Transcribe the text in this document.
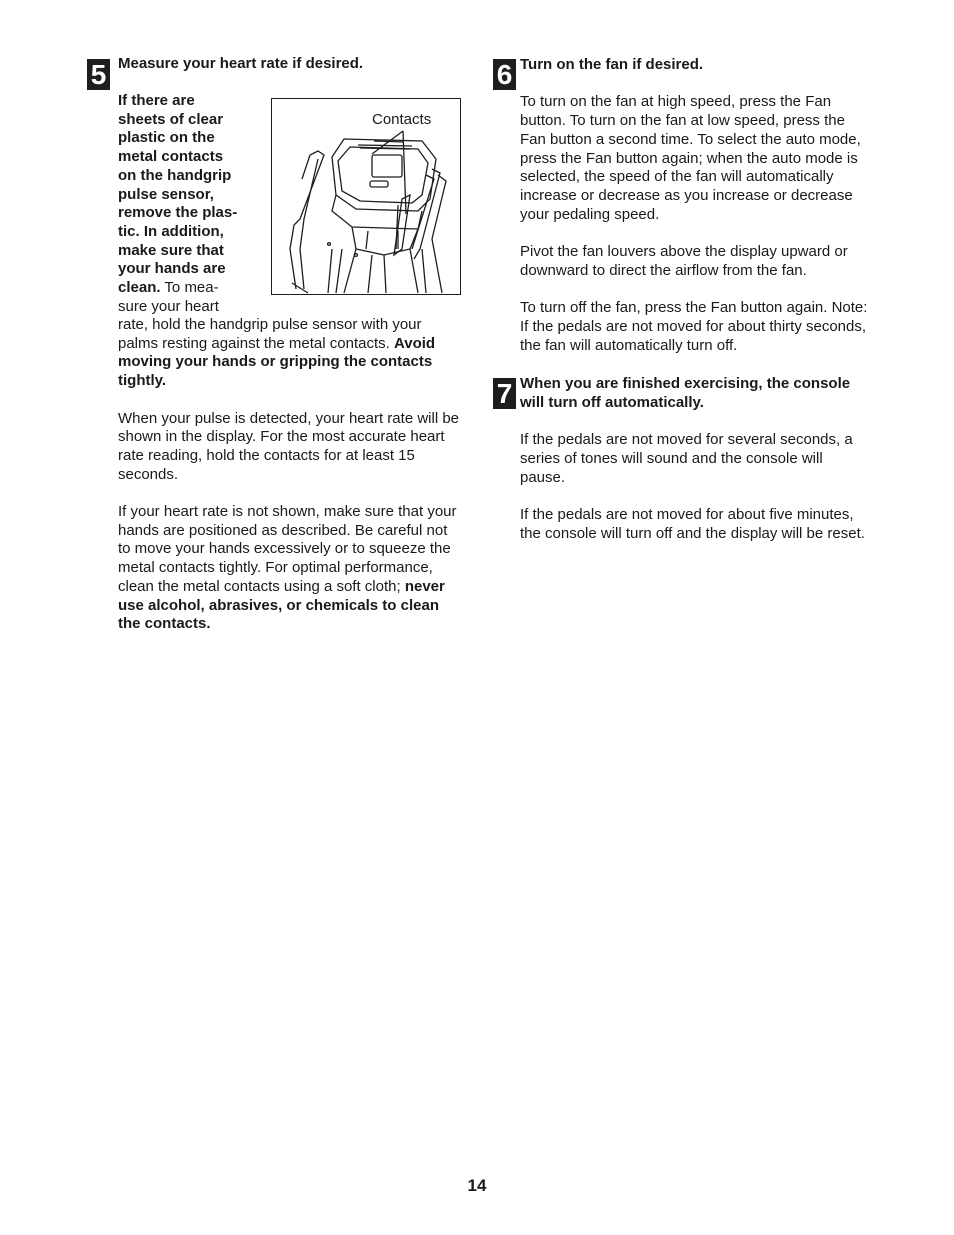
5 Measure your heart rate if desired.

If there are
sheets of clear
plastic on the
metal contacts
on the handgrip
pulse sensor,
remove the plas-
tic. In addition,
make sure that
your hands are
clean. To mea-
sure your heart

rate, hold the handgrip pulse sensor with your palms resting against the metal contacts. Avoid moving your hands or gripping the contacts tightly.

When your pulse is detected, your heart rate will be shown in the display. For the most accurate heart rate reading, hold the contacts for at least 15 seconds.

If your heart rate is not shown, make sure that your hands are positioned as described. Be careful not to move your hands excessively or to squeeze the metal contacts tightly. For optimal performance, clean the metal contacts using a soft cloth; never use alcohol, abrasives, or chemicals to clean the contacts.

Contacts
6 Turn on the fan if desired.

To turn on the fan at high speed, press the Fan button. To turn on the fan at low speed, press the Fan button a second time. To select the auto mode, press the Fan button again; when the auto mode is selected, the speed of the fan will automatically increase or decrease as you increase or decrease your pedaling speed.

Pivot the fan louvers above the display upward or downward to direct the airflow from the fan.

To turn off the fan, press the Fan button again. Note: If the pedals are not moved for about thirty seconds, the fan will automatically turn off.

7 When you are finished exercising, the console will turn off automatically.

If the pedals are not moved for several seconds, a series of tones will sound and the console will pause.

If the pedals are not moved for about five minutes, the console will turn off and the display will be reset.

14
